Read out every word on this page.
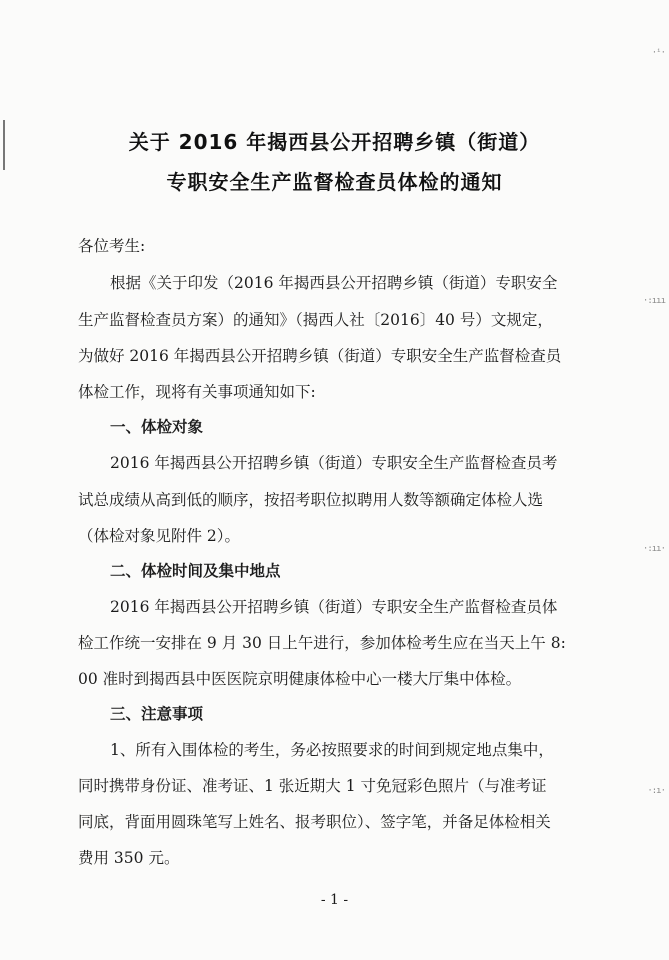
·ⁱ·
·:ııı
·:ıı·
·:ı·
关于 2016 年揭西县公开招聘乡镇（街道）
专职安全生产监督检查员体检的通知
各位考生:
根据《关于印发（2016 年揭西县公开招聘乡镇（街道）专职安全
生产监督检查员方案）的通知》（揭西人社〔2016〕40 号）文规定，
为做好 2016 年揭西县公开招聘乡镇（街道）专职安全生产监督检查员
体检工作，现将有关事项通知如下:
一、体检对象
2016 年揭西县公开招聘乡镇（街道）专职安全生产监督检查员考
试总成绩从高到低的顺序，按招考职位拟聘用人数等额确定体检人选
（体检对象见附件 2）。
二、体检时间及集中地点
2016 年揭西县公开招聘乡镇（街道）专职安全生产监督检查员体
检工作统一安排在 9 月 30 日上午进行，参加体检考生应在当天上午 8:
00 准时到揭西县中医医院京明健康体检中心一楼大厅集中体检。
三、注意事项
1、所有入围体检的考生，务必按照要求的时间到规定地点集中，
同时携带身份证、准考证、1 张近期大 1 寸免冠彩色照片（与准考证
同底，背面用圆珠笔写上姓名、报考职位）、签字笔，并备足体检相关
费用 350 元。
- 1 -
